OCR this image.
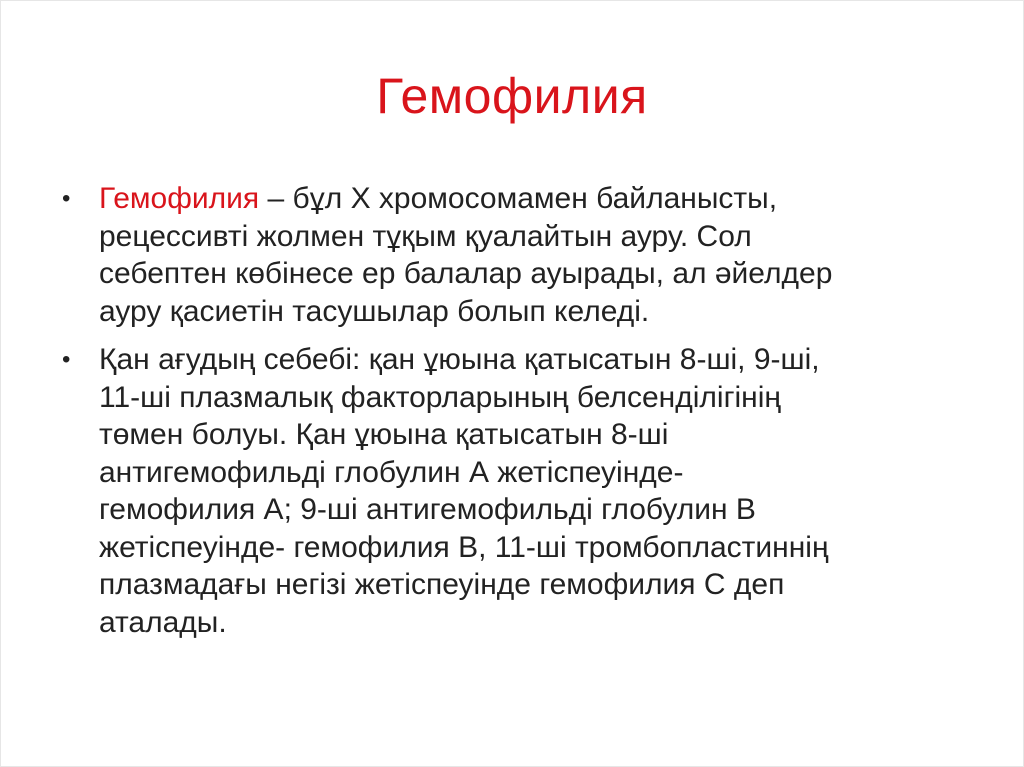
Гемофилия
• Гемофилия – бұл Х хромосомамен байланысты,
рецессивті жолмен тұқым қуалайтын ауру. Сол
себептен көбінесе ер балалар ауырады, ал әйелдер
ауру қасиетін тасушылар болып келеді.
• Қан ағудың себебі: қан ұюына қатысатын 8-ші, 9-ші,
11-ші плазмалық факторларының белсенділігінің
төмен болуы. Қан ұюына қатысатын 8-ші
антигемофильді глобулин А жетіспеуінде-
гемофилия А; 9-ші антигемофильді глобулин В
жетіспеуінде- гемофилия В, 11-ші тромбопластиннің
плазмадағы негізі жетіспеуінде гемофилия С деп
аталады.
